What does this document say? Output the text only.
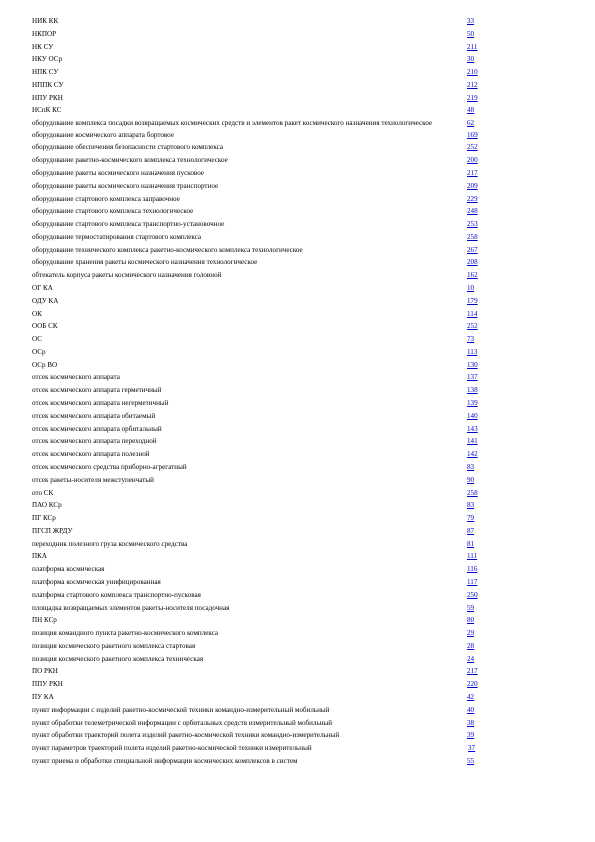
НИК КК	33
НКПОР	50
НК СУ	211
НКУ ОСр	30
НПК СУ	210
НППК СУ	212
НПУ РКН	219
НСпК КС	48
оборудование комплекса посадки возвращаемых космических средств и элементов ракет космического назначения технологическое	62
оборудование космического аппарата бортовое	169
оборудование обеспечения безопасности стартового комплекса	252
оборудование ракетно-космического комплекса технологическое	200
оборудование ракеты космического назначения пусковое	217
оборудование ракеты космического назначения транспортное	209
оборудование стартового комплекса заправочное	229
оборудование стартового комплекса технологическое	248
оборудование стартового комплекса транспортно-установочное	253
оборудование термостатирования стартового комплекса	258
оборудование технического комплекса ракетно-космического комплекса технологическое	267
оборудование хранения ракеты космического назначения технологическое	208
обтекатель корпуса ракеты космического назначения головной	162
ОГ КА	10
ОДУ КА	179
ОК	114
ООБ СК	252
ОС	73
ОСр	113
ОСр ВО	130
отсек космического аппарата	137
отсек космического аппарата герметичный	138
отсек космического аппарата негерметичный	139
отсек космического аппарата обитаемый	140
отсек космического аппарата орбитальный	143
отсек космического аппарата переходной	141
отсек космического аппарата полезной	142
отсек космического средства приборно-агрегатный	83
отсек ракеты-носителя межступенчатый	90
ото СК	258
ПАО КСр	83
ПГ КСр	79
ПГСП ЖРДУ	87
переходник полезного груза космического средства	81
ПКА	111
платформа космическая	116
платформа космическая унифицированная	117
платформа стартового комплекса транспортно-пусковая	250
площадка возвращаемых элементов ракеты-носителя посадочная	59
ПН КСр	80
позиция командного пункта ракетно-космического комплекса	29
позиция космического ракетного комплекса стартовая	28
позиция космического ракетного комплекса техническая	24
ПО РКН	217
ППУ РКН	220
ПУ КА	42
пункт информации с изделий ракетно-космической техники командно-измерительный мобильный	40
пункт обработки телеметрической информации с орбитальных средств измерительный мобильный	38
пункт обработки траекторий полета изделий ракетно-космической техники командно-измерительный	39
пункт параметров траекторий полета изделий ракетно-космической техники измерительный	37
пункт приема и обработки специальной информации космических комплексов в систем	55
